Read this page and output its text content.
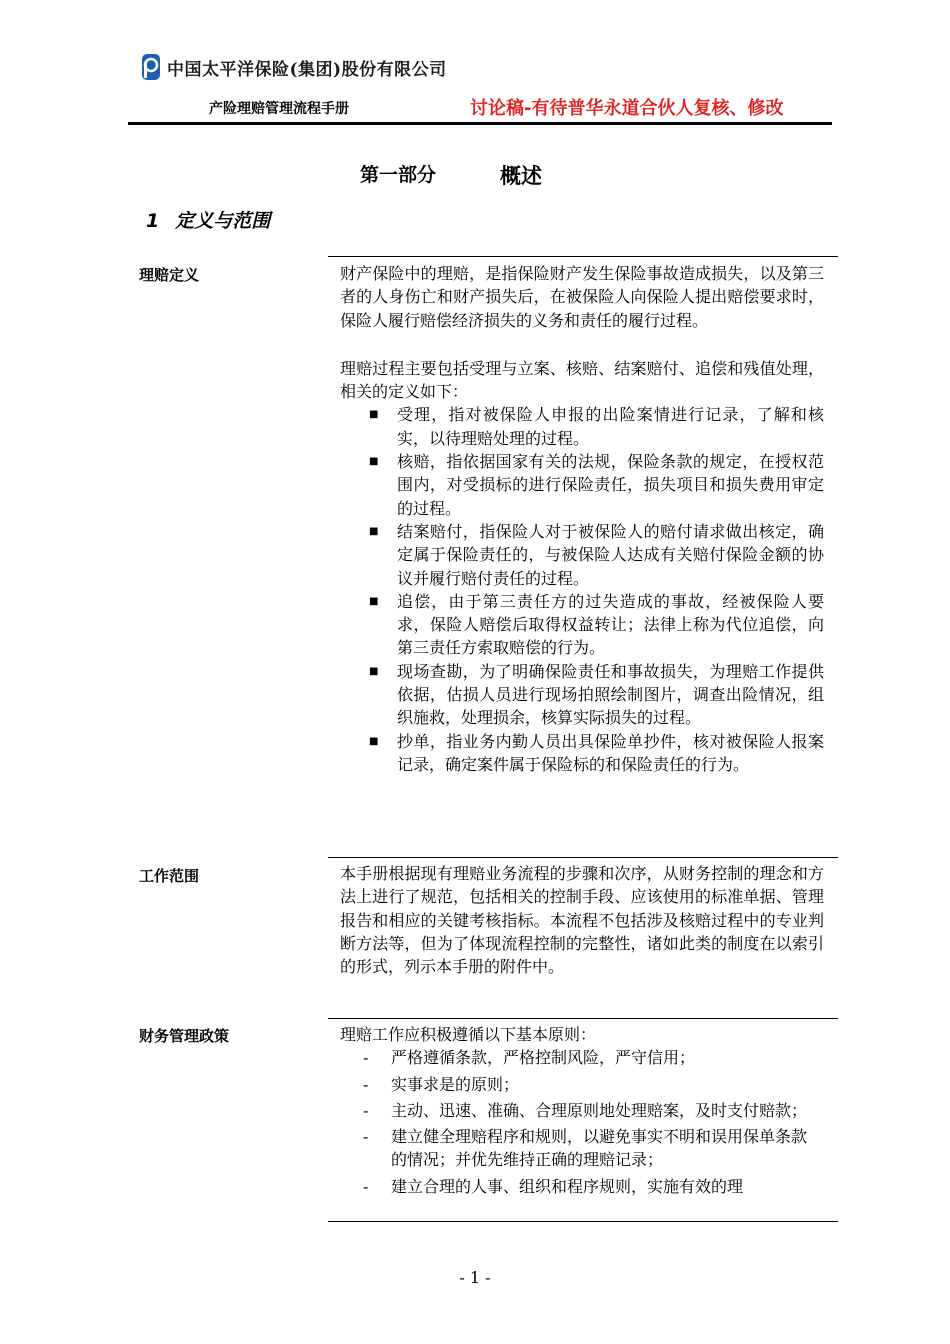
中国太平洋保险(集团)股份有限公司
产险理赔管理流程手册	讨论稿-有待普华永道合伙人复核、修改
第一部分	概述
1 定义与范围
理赔定义	财产保险中的理赔，是指保险财产发生保险事故造成损失，以及第三者的人身伤亡和财产损失后，在被保险人向保险人提出赔偿要求时，保险人履行赔偿经济损失的义务和责任的履行过程。

理赔过程主要包括受理与立案、核赔、结案赔付、追偿和残值处理，相关的定义如下：

■ 受理，指对被保险人申报的出险案情进行记录，了解和核实，以待理赔处理的过程。
■ 核赔，指依据国家有关的法规，保险条款的规定，在授权范围内，对受损标的进行保险责任，损失项目和损失费用审定的过程。
■ 结案赔付，指保险人对于被保险人的赔付请求做出核定，确定属于保险责任的，与被保险人达成有关赔付保险金额的协议并履行赔付责任的过程。
■ 追偿，由于第三责任方的过失造成的事故，经被保险人要求，保险人赔偿后取得权益转让；法律上称为代位追偿，向第三责任方索取赔偿的行为。
■ 现场查勘，为了明确保险责任和事故损失，为理赔工作提供依据，估损人员进行现场拍照绘制图片，调查出险情况，组织施救，处理损余，核算实际损失的过程。
■ 抄单，指业务内勤人员出具保险单抄件，核对被保险人报案记录，确定案件属于保险标的和保险责任的行为。
工作范围	本手册根据现有理赔业务流程的步骤和次序，从财务控制的理念和方法上进行了规范，包括相关的控制手段、应该使用的标准单据、管理报告和相应的关键考核指标。本流程不包括涉及核赔过程中的专业判断方法等，但为了体现流程控制的完整性，诸如此类的制度在以索引的形式，列示本手册的附件中。

财务管理政策	理赔工作应积极遵循以下基本原则：

- 严格遵循条款，严格控制风险，严守信用；
- 实事求是的原则；
- 主动、迅速、准确、合理原则地处理赔案，及时支付赔款；
- 建立健全理赔程序和规则，以避免事实不明和误用保单条款的情况；并优先维持正确的理赔记录；
- 建立合理的人事、组织和程序规则，实施有效的理
- 1 -
